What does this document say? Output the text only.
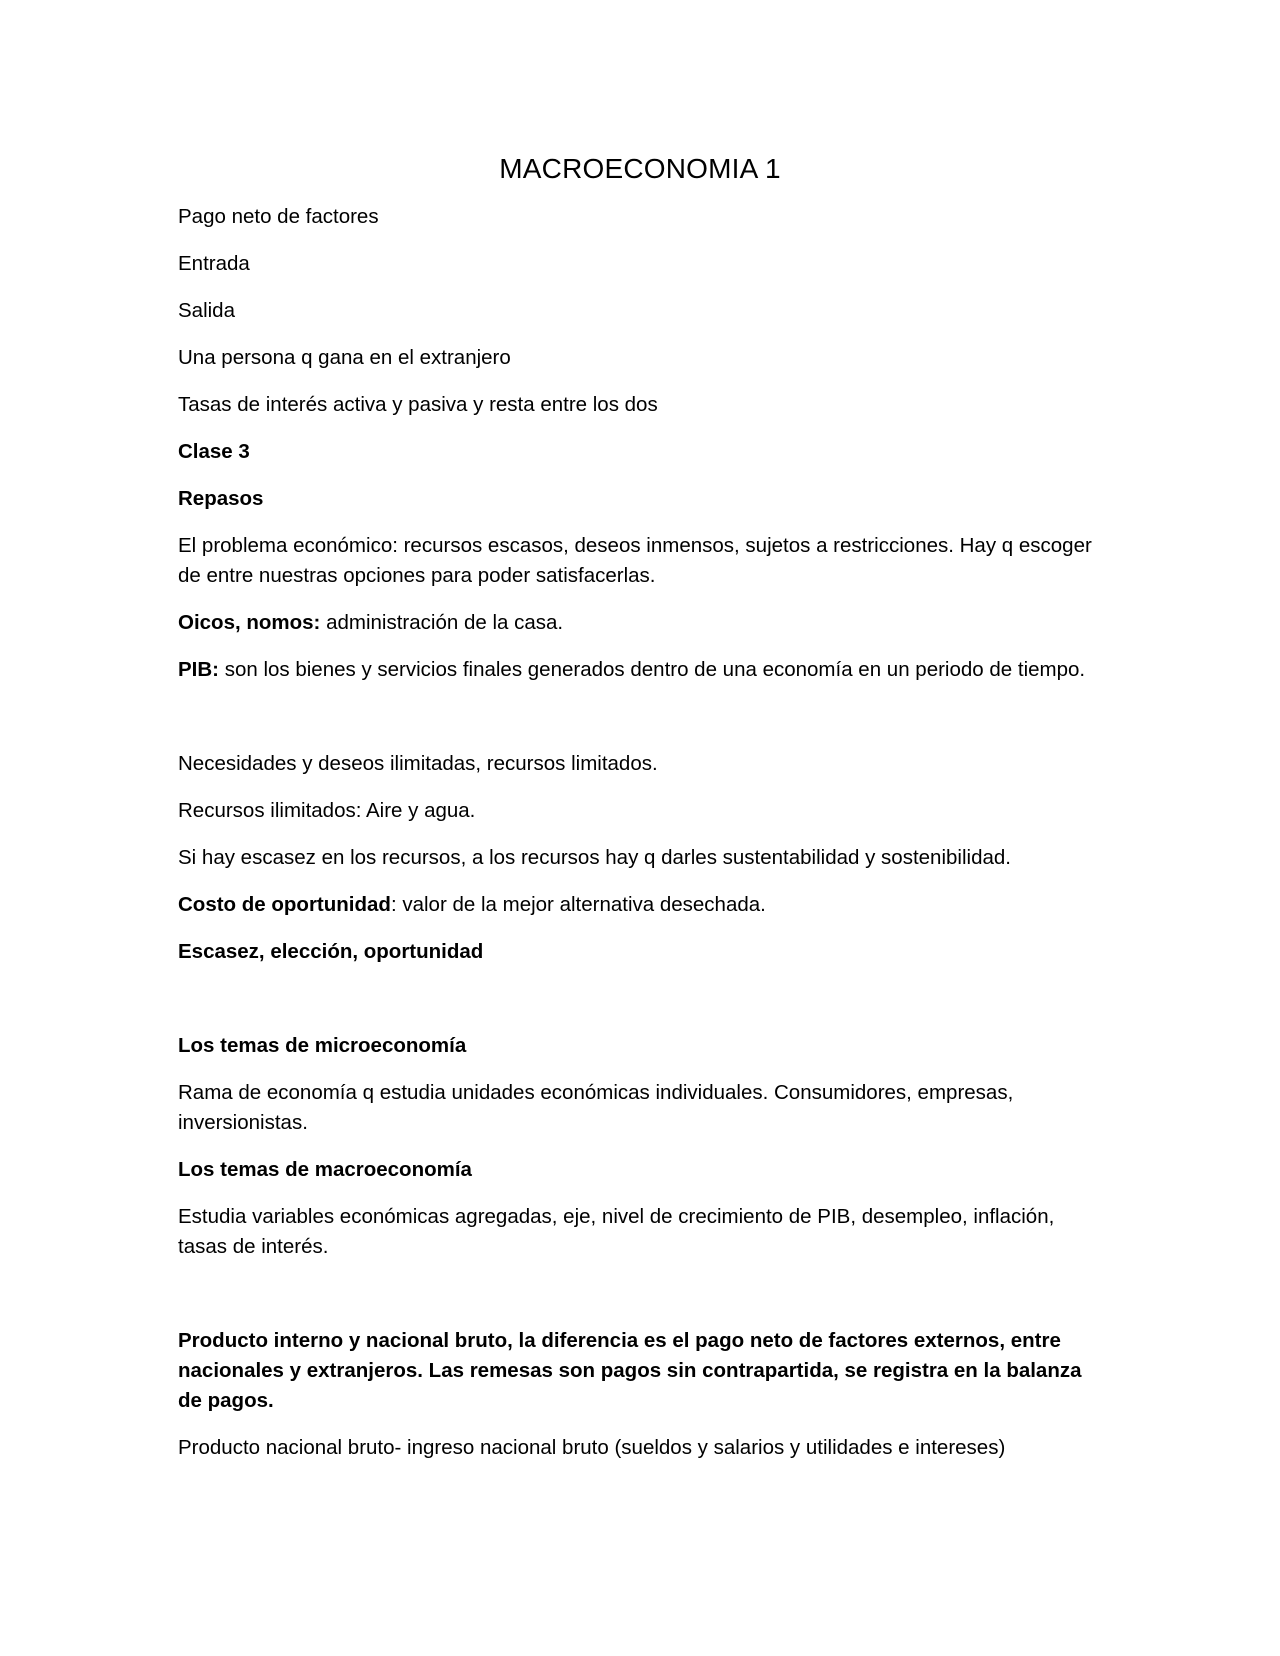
MACROECONOMIA 1

Pago neto de factores

Entrada

Salida

Una persona q gana en el extranjero

Tasas de interés activa y pasiva y resta entre los dos

Clase 3

Repasos

El problema económico: recursos escasos, deseos inmensos, sujetos a restricciones. Hay q escoger de entre nuestras opciones para poder satisfacerlas.

Oicos, nomos: administración de la casa.

PIB: son los bienes y servicios finales generados dentro de una economía en un periodo de tiempo.

Necesidades y deseos ilimitadas, recursos limitados.

Recursos ilimitados: Aire y agua.

Si hay escasez en los recursos, a los recursos hay q darles sustentabilidad y sostenibilidad.

Costo de oportunidad: valor de la mejor alternativa desechada.

Escasez, elección, oportunidad

Los temas de microeconomía

Rama de economía q estudia unidades económicas individuales. Consumidores, empresas, inversionistas.

Los temas de macroeconomía

Estudia variables económicas agregadas, eje, nivel de crecimiento de PIB, desempleo, inflación, tasas de interés.

Producto interno y nacional bruto, la diferencia es el pago neto de factores externos, entre nacionales y extranjeros. Las remesas son pagos sin contrapartida, se registra en la balanza de pagos.

Producto nacional bruto- ingreso nacional bruto (sueldos y salarios y utilidades e intereses)
